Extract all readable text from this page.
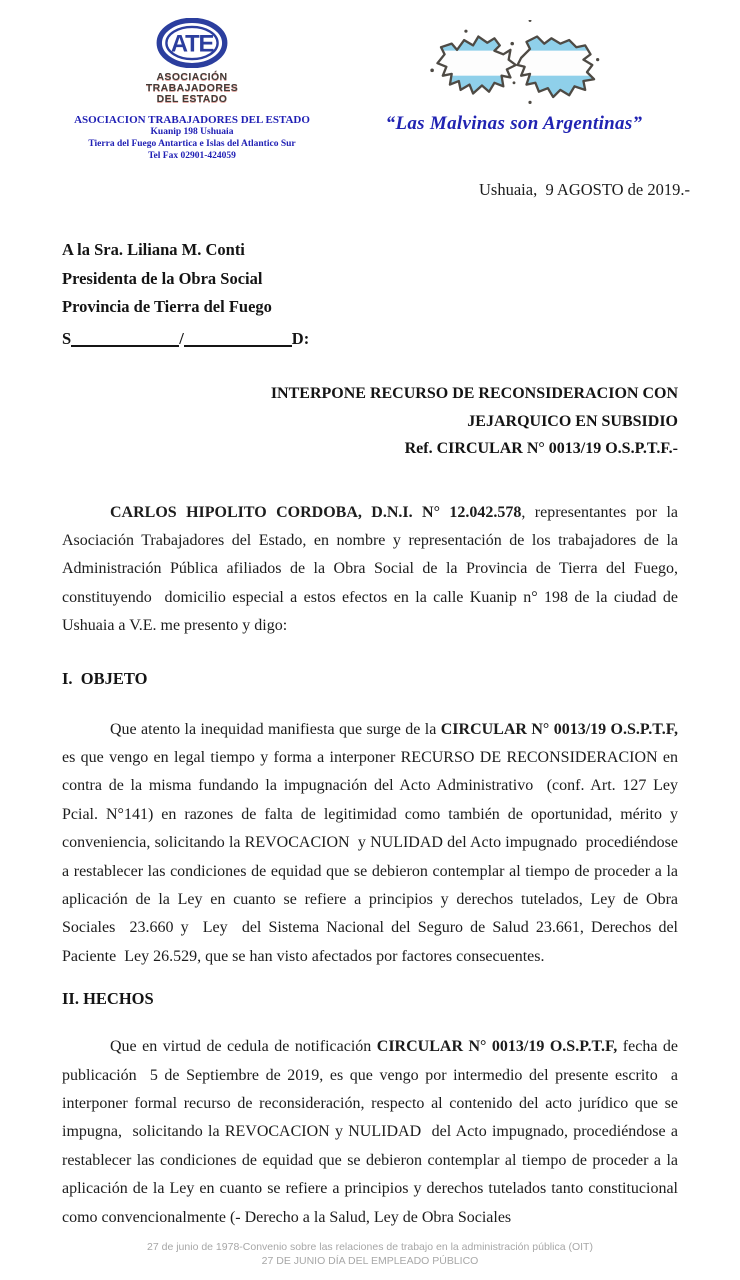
ATE
ASOCIACIÓN
TRABAJADORES
DEL ESTADO
ASOCIACION TRABAJADORES DEL ESTADO
Kuanip 198 Ushuaia
Tierra del Fuego Antartica e Islas del Atlantico Sur
Tel Fax 02901-424059
“Las Malvinas son Argentinas”
Ushuaia,  9 AGOSTO de 2019.-
A la Sra. Liliana M. Conti
Presidenta de la Obra Social
Provincia de Tierra del Fuego
S	/	D:
INTERPONE RECURSO DE RECONSIDERACION CON
JEJARQUICO EN SUBSIDIO
Ref. CIRCULAR N° 0013/19 O.S.P.T.F.-

CARLOS HIPOLITO CORDOBA, D.N.I. N° 12.042.578, representantes por la Asociación Trabajadores del Estado, en nombre y representación de los trabajadores de la Administración Pública afiliados de la Obra Social de la Provincia de Tierra del Fuego, constituyendo  domicilio especial a estos efectos en la calle Kuanip n° 198 de la ciudad de Ushuaia a V.E. me presento y digo:

I.  OBJETO

Que atento la inequidad manifiesta que surge de la CIRCULAR N° 0013/19 O.S.P.T.F, es que vengo en legal tiempo y forma a interponer RECURSO DE RECONSIDERACION en contra de la misma fundando la impugnación del Acto Administrativo  (conf. Art. 127 Ley Pcial. N°141) en razones de falta de legitimidad como también de oportunidad, mérito y conveniencia, solicitando la REVOCACION  y NULIDAD del Acto impugnado  procediéndose a restablecer las condiciones de equidad que se debieron contemplar al tiempo de proceder a la aplicación de la Ley en cuanto se refiere a principios y derechos tutelados, Ley de Obra Sociales  23.660 y  Ley  del Sistema Nacional del Seguro de Salud 23.661, Derechos del Paciente  Ley 26.529, que se han visto afectados por factores consecuentes.

II. HECHOS

Que en virtud de cedula de notificación CIRCULAR N° 0013/19 O.S.P.T.F, fecha de publicación  5 de Septiembre de 2019, es que vengo por intermedio del presente escrito  a interponer formal recurso de reconsideración, respecto al contenido del acto jurídico que se impugna,  solicitando la REVOCACION y NULIDAD  del Acto impugnado, procediéndose a restablecer las condiciones de equidad que se debieron contemplar al tiempo de proceder a la aplicación de la Ley en cuanto se refiere a principios y derechos tutelados tanto constitucional como convencionalmente (- Derecho a la Salud, Ley de Obra Sociales

27 de junio de 1978-Convenio sobre las relaciones de trabajo en la administración pública (OIT)
27 DE JUNIO DÍA DEL EMPLEADO PÚBLICO
